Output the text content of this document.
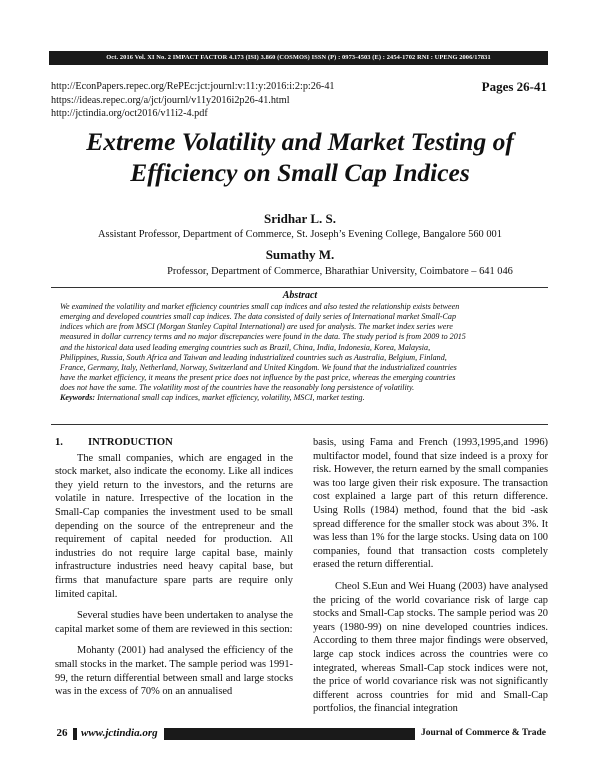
Oct. 2016 Vol. XI No. 2 IMPACT FACTOR 4.173 (ISI) 3.860 (COSMOS) ISSN (P) : 0973-4503 (E) : 2454-1702 RNI : UPENG 2006/17831
http://EconPapers.repec.org/RePEc:jct:journl:v:11:y:2016:i:2:p:26-41
https://ideas.repec.org/a/jct/journl/v11y2016i2p26-41.html
http://jctindia.org/oct2016/v11i2-4.pdf
Pages 26-41
Extreme Volatility and Market Testing of
Efficiency on Small Cap Indices
Sridhar L. S.
Assistant Professor, Department of Commerce, St. Joseph’s Evening College, Bangalore 560 001
Sumathy M.
Professor, Department of Commerce, Bharathiar University, Coimbatore – 641 046
Abstract
We examined the volatility and market efficiency countries small cap indices and also tested the relationship exists between
emerging and developed countries small cap indices. The data consisted of daily series of International market Small-Cap
indices which are from MSCI (Morgan Stanley Capital International) are used for analysis. The market index series were
measured in dollar currency terms and no major discrepancies were found in the data. The study period is from 2009 to 2015
and the historical data used leading emerging countries such as Brazil, China, India, Indonesia, Korea, Malaysia,
Philippines, Russia, South Africa and Taiwan and leading industrialized countries such as Australia, Belgium, Finland,
France, Germany, Italy, Netherland, Norway, Switzerland and United Kingdom. We found that the industrialized countries
have the market efficiency, it means the present price does not influence by the past price, whereas the emerging countries
does not have the same. The volatility most of the countries have the reasonably long persistence of volatility.
Keywords: International small cap indices, market efficiency, volatility, MSCI, market testing.
1. INTRODUCTION

The small companies, which are engaged in the stock market, also indicate the economy. Like all indices they yield return to the investors, and the returns are volatile in nature. Irrespective of the location in the Small-Cap companies the investment used to be small depending on the source of the entrepreneur and the requirement of capital needed for production. All industries do not require large capital base, mainly infrastructure industries need heavy capital base, but firms that manufacture spare parts are require only limited capital.

Several studies have been undertaken to analyse the capital market some of them are reviewed in this section:

Mohanty (2001) had analysed the efficiency of the small stocks in the market. The sample period was 1991-99, the return differential between small and large stocks was in the excess of 70% on an annualised

basis, using Fama and French (1993,1995,and 1996) multifactor model, found that size indeed is a proxy for risk. However, the return earned by the small companies was too large given their risk exposure. The transaction cost explained a large part of this return difference. Using Rolls (1984) method, found that the bid -ask spread difference for the smaller stock was about 3%. It was less than 1% for the large stocks. Using data on 100 companies, found that transaction costs completely erased the return differential.

Cheol S.Eun and Wei Huang (2003) have analysed the pricing of the world covariance risk of large cap stocks and Small-Cap stocks. The sample period was 20 years (1980-99) on nine developed countries indices. According to them three major findings were observed, large cap stock indices across the countries were co integrated, whereas Small-Cap stock indices were not, the price of world covariance risk was not significantly different across countries for mid and Small-Cap portfolios, the financial integration

26	www.jctindia.org	Journal of Commerce & Trade
